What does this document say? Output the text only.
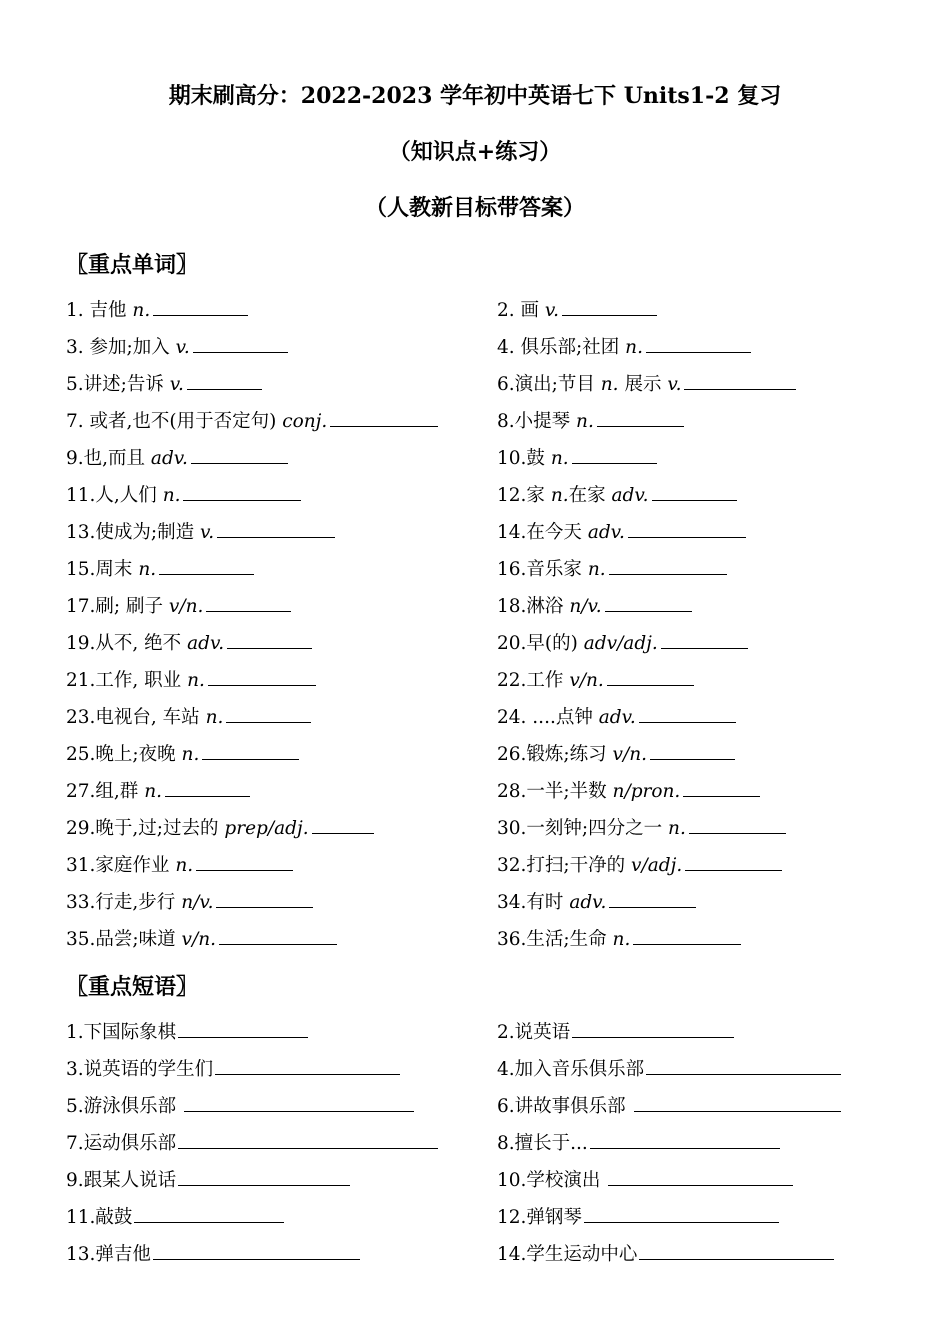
期末刷高分：2022-2023 学年初中英语七下 Units1-2 复习
（知识点+练习）
（人教新目标带答案）
〖重点单词〗
1. 吉他 n.	2. 画 v.
3. 参加;加入 v.	4. 俱乐部;社团 n.
5.讲述;告诉 v.	6.演出;节目 n. 展示 v.
7. 或者,也不(用于否定句) conj.	8.小提琴 n.
9.也,而且 adv.	10.鼓 n.
11.人,人们 n.	12.家 n.在家 adv.
13.使成为;制造 v.	14.在今天 adv.
15.周末 n.	16.音乐家 n.
17.刷; 刷子 v/n.	18.淋浴 n/v.
19.从不, 绝不 adv.	20.早(的) adv/adj.
21.工作, 职业 n.	22.工作 v/n.
23.电视台, 车站 n.	24. ....点钟 adv.
25.晚上;夜晚 n.	26.锻炼;练习 v/n.
27.组,群 n.	28.一半;半数 n/pron.
29.晚于,过;过去的 prep/adj.	30.一刻钟;四分之一 n.
31.家庭作业 n.	32.打扫;干净的 v/adj.
33.行走,步行 n/v.	34.有时 adv.
35.品尝;味道 v/n.	36.生活;生命 n.
〖重点短语〗
1.下国际象棋	2.说英语
3.说英语的学生们	4.加入音乐俱乐部
5.游泳俱乐部	6.讲故事俱乐部
7.运动俱乐部	8.擅长于...
9.跟某人说话	10.学校演出
11.敲鼓	12.弹钢琴
13.弹吉他	14.学生运动中心
